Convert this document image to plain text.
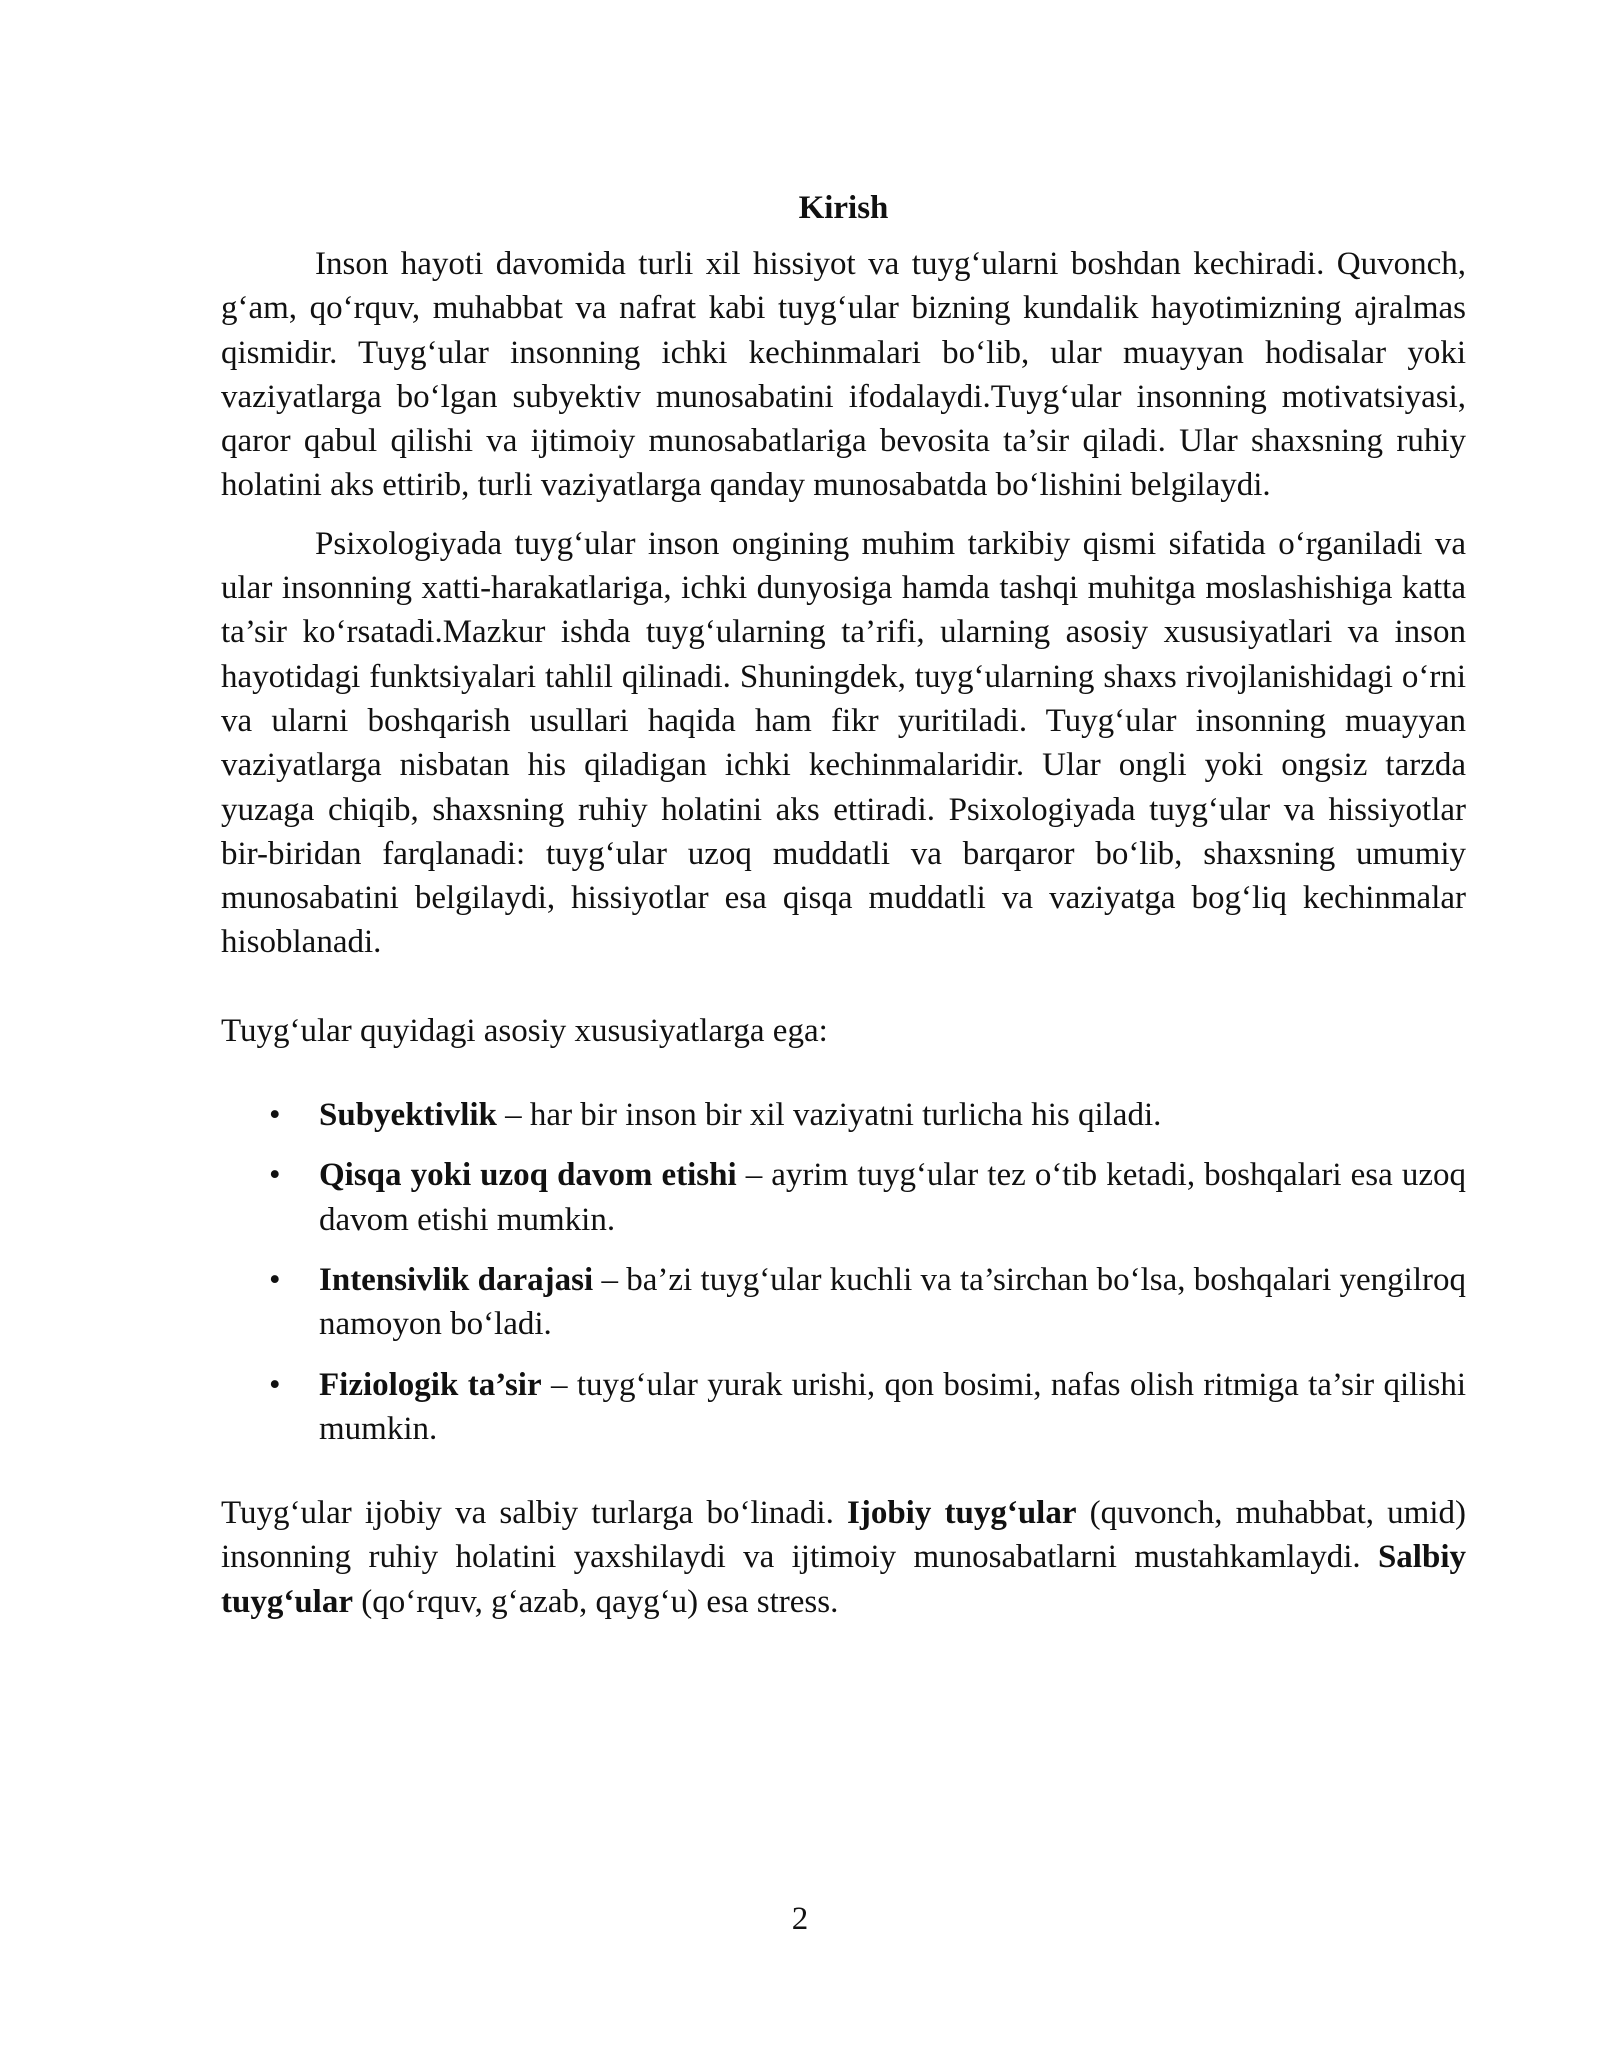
Kirish

Inson hayoti davomida turli xil hissiyot va tuyg‘ularni boshdan kechiradi. Quvonch, g‘am, qo‘rquv, muhabbat va nafrat kabi tuyg‘ular bizning kundalik hayotimizning ajralmas qismidir. Tuyg‘ular insonning ichki kechinmalari bo‘lib, ular muayyan hodisalar yoki vaziyatlarga bo‘lgan subyektiv munosabatini ifodalaydi.Tuyg‘ular insonning motivatsiyasi, qaror qabul qilishi va ijtimoiy munosabatlariga bevosita ta’sir qiladi. Ular shaxsning ruhiy holatini aks ettirib, turli vaziyatlarga qanday munosabatda bo‘lishini belgilaydi.

Psixologiyada tuyg‘ular inson ongining muhim tarkibiy qismi sifatida o‘rganiladi va ular insonning xatti-harakatlariga, ichki dunyosiga hamda tashqi muhitga moslashishiga katta ta’sir ko‘rsatadi.Mazkur ishda tuyg‘ularning ta’rifi, ularning asosiy xususiyatlari va inson hayotidagi funktsiyalari tahlil qilinadi. Shuningdek, tuyg‘ularning shaxs rivojlanishidagi o‘rni va ularni boshqarish usullari haqida ham fikr yuritiladi. Tuyg‘ular insonning muayyan vaziyatlarga nisbatan his qiladigan ichki kechinmalaridir. Ular ongli yoki ongsiz tarzda yuzaga chiqib, shaxsning ruhiy holatini aks ettiradi. Psixologiyada tuyg‘ular va hissiyotlar bir-biridan farqlanadi: tuyg‘ular uzoq muddatli va barqaror bo‘lib, shaxsning umumiy munosabatini belgilaydi, hissiyotlar esa qisqa muddatli va vaziyatga bog‘liq kechinmalar hisoblanadi.

Tuyg‘ular quyidagi asosiy xususiyatlarga ega:

• Subyektivlik – har bir inson bir xil vaziyatni turlicha his qiladi.
• Qisqa yoki uzoq davom etishi – ayrim tuyg‘ular tez o‘tib ketadi, boshqalari esa uzoq davom etishi mumkin.
• Intensivlik darajasi – ba’zi tuyg‘ular kuchli va ta’sirchan bo‘lsa, boshqalari yengilroq namoyon bo‘ladi.
• Fiziologik ta’sir – tuyg‘ular yurak urishi, qon bosimi, nafas olish ritmiga ta’sir qilishi mumkin.

Tuyg‘ular ijobiy va salbiy turlarga bo‘linadi. Ijobiy tuyg‘ular (quvonch, muhabbat, umid) insonning ruhiy holatini yaxshilaydi va ijtimoiy munosabatlarni mustahkamlaydi. Salbiy tuyg‘ular (qo‘rquv, g‘azab, qayg‘u) esa stress.

2
